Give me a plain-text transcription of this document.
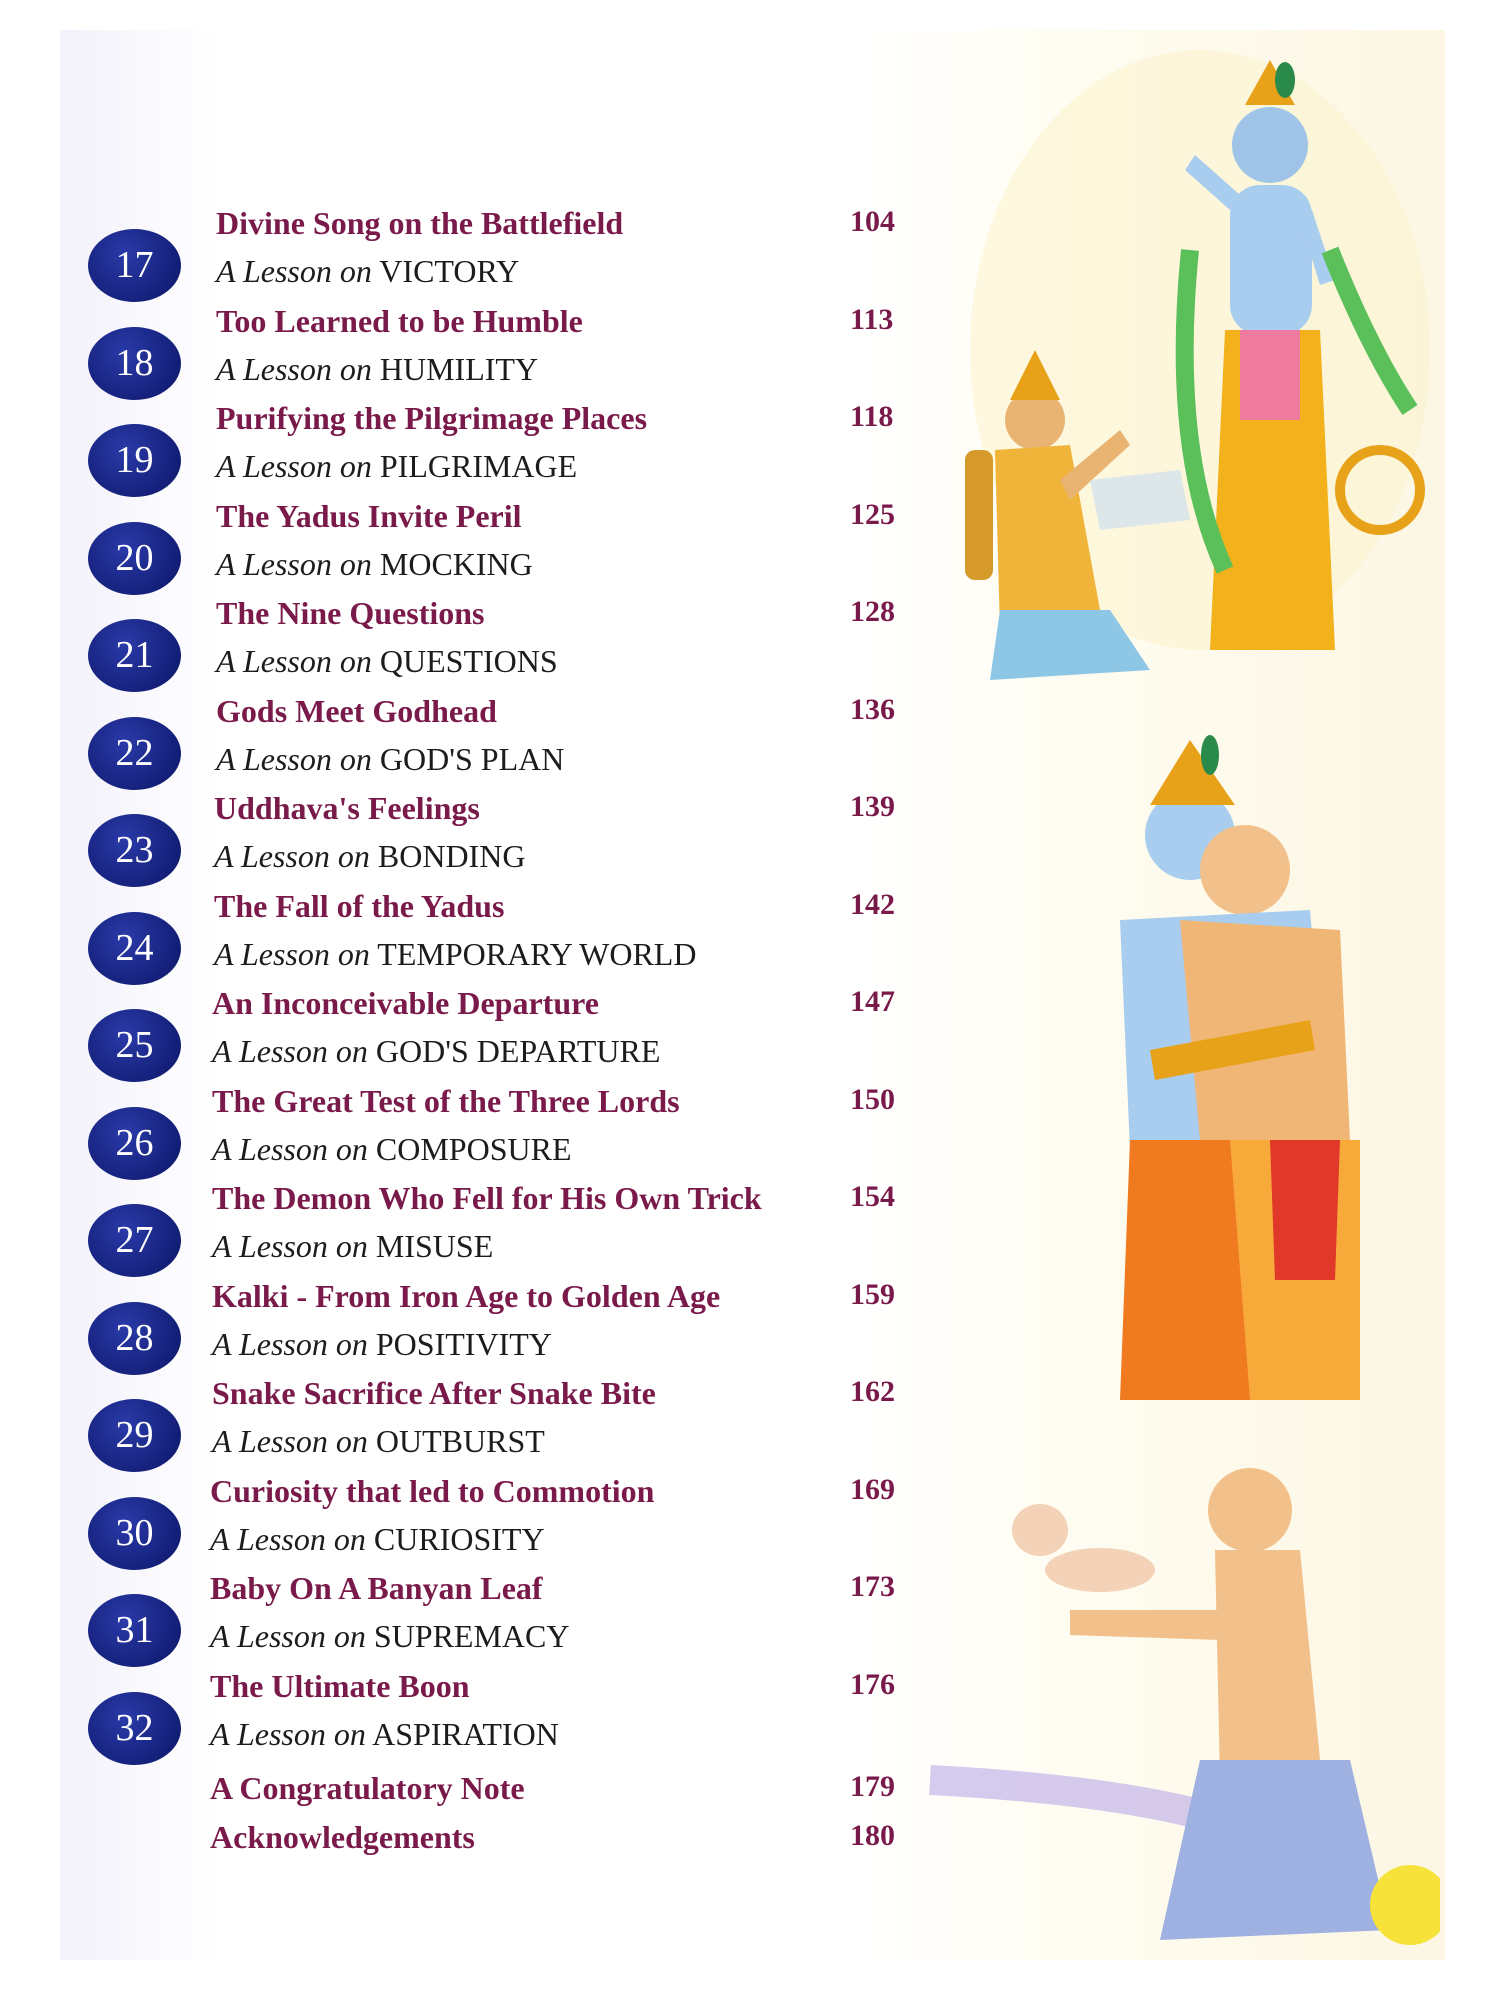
17
Divine Song on the Battlefield
A Lesson on VICTORY
104
18
Too Learned to be Humble
A Lesson on HUMILITY
113
19
Purifying the Pilgrimage Places
A Lesson on PILGRIMAGE
118
20
The Yadus Invite Peril
A Lesson on MOCKING
125
21
The Nine Questions
A Lesson on QUESTIONS
128
22
Gods Meet Godhead
A Lesson on GOD'S PLAN
136
23
Uddhava's Feelings
A Lesson on BONDING
139
24
The Fall of the Yadus
A Lesson on TEMPORARY WORLD
142
25
An Inconceivable Departure
A Lesson on GOD'S DEPARTURE
147
26
The Great Test of the Three Lords
A Lesson on COMPOSURE
150
27
The Demon Who Fell for His Own Trick
A Lesson on MISUSE
154
28
Kalki - From Iron Age to Golden Age
A Lesson on POSITIVITY
159
29
Snake Sacrifice After Snake Bite
A Lesson on OUTBURST
162
30
Curiosity that led to Commotion
A Lesson on CURIOSITY
169
31
Baby On A Banyan Leaf
A Lesson on SUPREMACY
173
32
The Ultimate Boon
A Lesson on ASPIRATION
176
A Congratulatory Note	179
Acknowledgements	180
